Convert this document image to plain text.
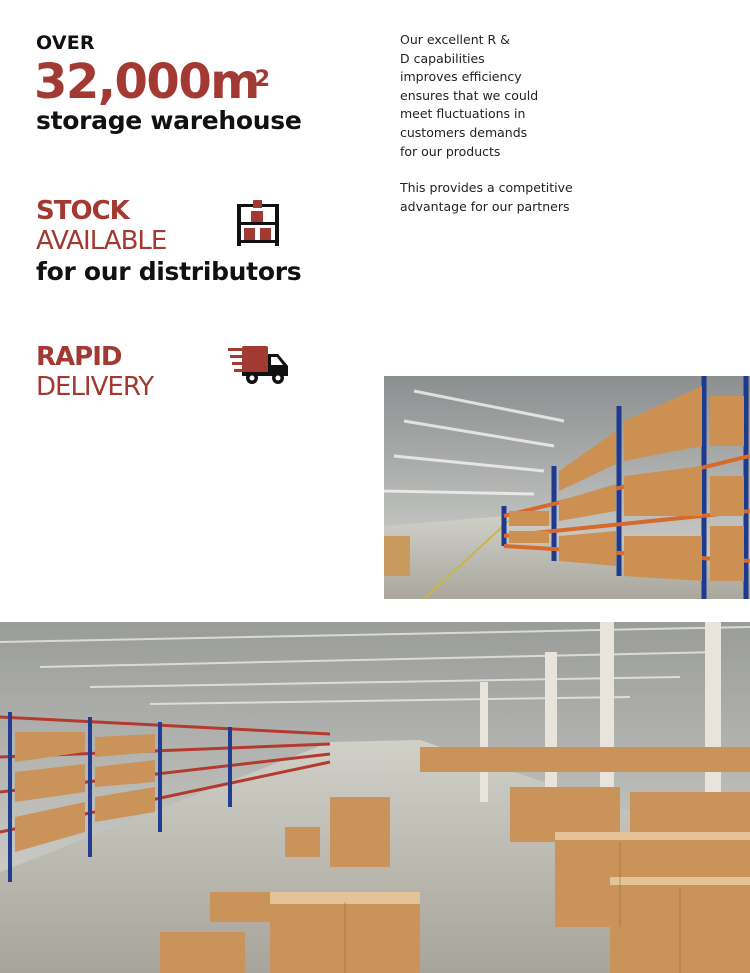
OVER
$32,000m^2$
storage warehouse

Our excellent R &
D capabilities
improves efficiency
ensures that we could
meet fluctuations in
customers demands
for our products

This provides a competitive
advantage for our partners

STOCK
AVAILABLE
for our distributors
RAPID
DELIVERY
